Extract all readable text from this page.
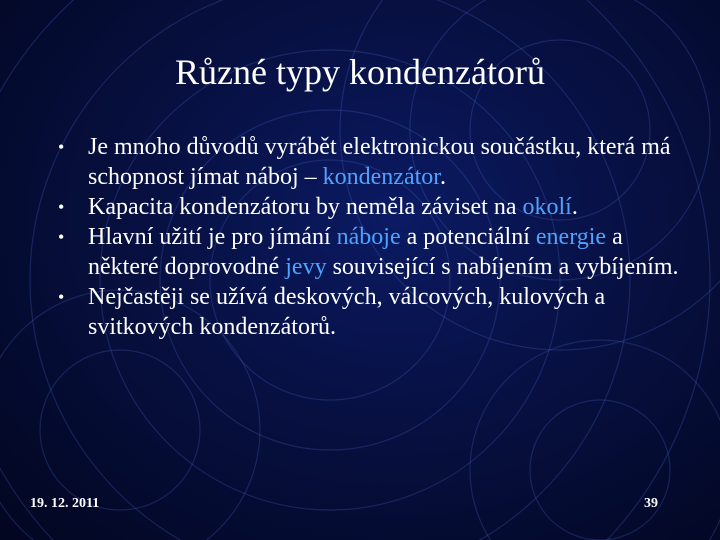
Různé typy kondenzátorů
• Je mnoho důvodů vyrábět elektronickou součástku, která má schopnost jímat náboj – kondenzátor.
• Kapacita kondenzátoru by neměla záviset na okolí.
• Hlavní užití je pro jímání náboje a potenciální energie a některé doprovodné jevy související s nabíjením a vybíjením.
• Nejčastěji se užívá deskových, válcových, kulových a svitkových kondenzátorů.
19. 12. 2011	39
